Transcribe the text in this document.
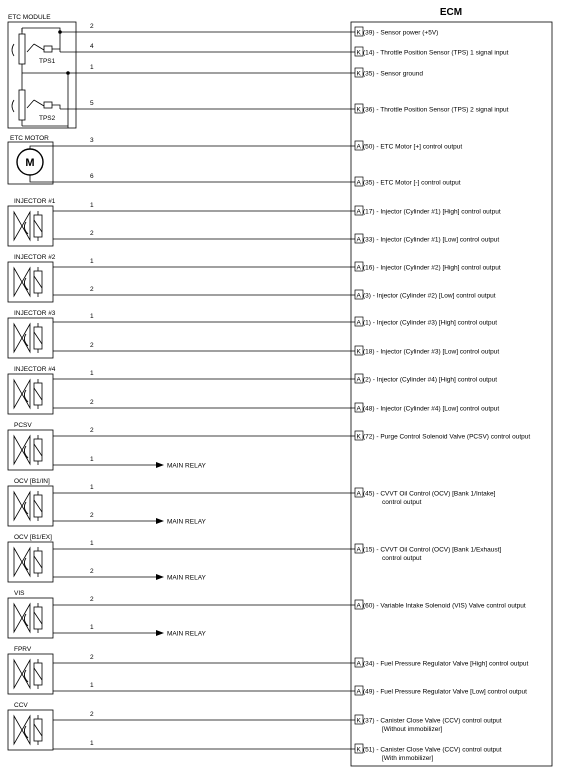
ECM
ETC MODULE
TPS1
TPS2
ETC MOTOR
M
INJECTOR #1
INJECTOR #2
INJECTOR #3
INJECTOR #4
PCSV
OCV [B1/IN]
OCV [B1/EX]
VIS
FPRV
CCV
2
K (39) - Sensor power (+5V)
4
K (14) - Throttle Position Sensor (TPS) 1 signal input
1
K (35) - Sensor ground
5
K (36) - Throttle Position Sensor (TPS) 2 signal input
3
A (50) - ETC Motor [+] control output
6
A (35) - ETC Motor [-] control output
1
A (17) - Injector (Cylinder #1) [High] control output
2
A (33) - Injector (Cylinder #1) [Low] control output
1
A (16) - Injector (Cylinder #2) [High] control output
2
A (3) - Injector (Cylinder #2) [Low] control output
1
A (1) - Injector (Cylinder #3) [High] control output
2
K (18) - Injector (Cylinder #3) [Low] control output
1
A (2) - Injector (Cylinder #4) [High] control output
2
A (48) - Injector (Cylinder #4) [Low] control output
2
K (72) - Purge Control Solenoid Valve (PCSV) control output
1
MAIN RELAY
1
A (45) - CVVT Oil Control (OCV) [Bank 1/Intake]
control output
2
MAIN RELAY
1
A (15) - CVVT Oil Control (OCV) [Bank 1/Exhaust]
control output
2
MAIN RELAY
2
A (60) - Variable Intake Solenoid (VIS) Valve control output
1
MAIN RELAY
2
A (34) - Fuel Pressure Regulator Valve [High] control output
1
A (49) - Fuel Pressure Regulator Valve [Low] control output
2
K (37) - Canister Close Valve (CCV) control output
[Without immobilizer]
1
K (51) - Canister Close Valve (CCV) control output
[With immobilizer]
